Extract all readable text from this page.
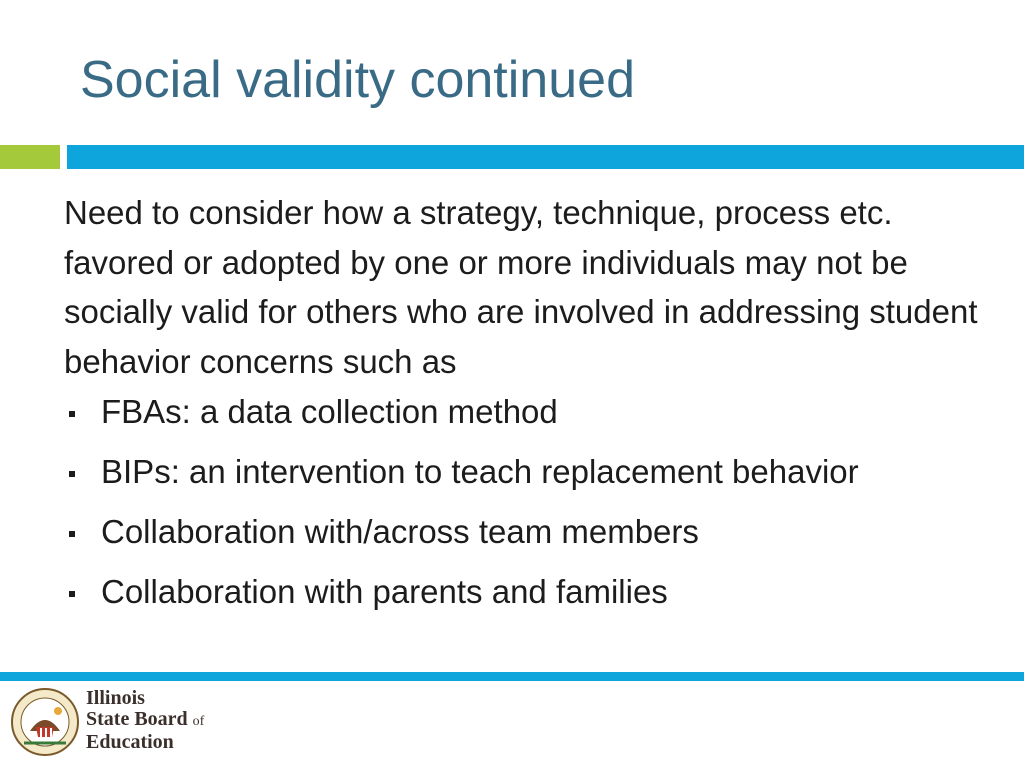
Social validity continued

Need to consider how a strategy, technique, process etc. favored or adopted by one or more individuals may not be socially valid for others who are involved in addressing student behavior concerns such as

FBAs: a data collection method
BIPs: an intervention to teach replacement behavior
Collaboration with/across team members
Collaboration with parents and families
Illinois
State Board of
Education
